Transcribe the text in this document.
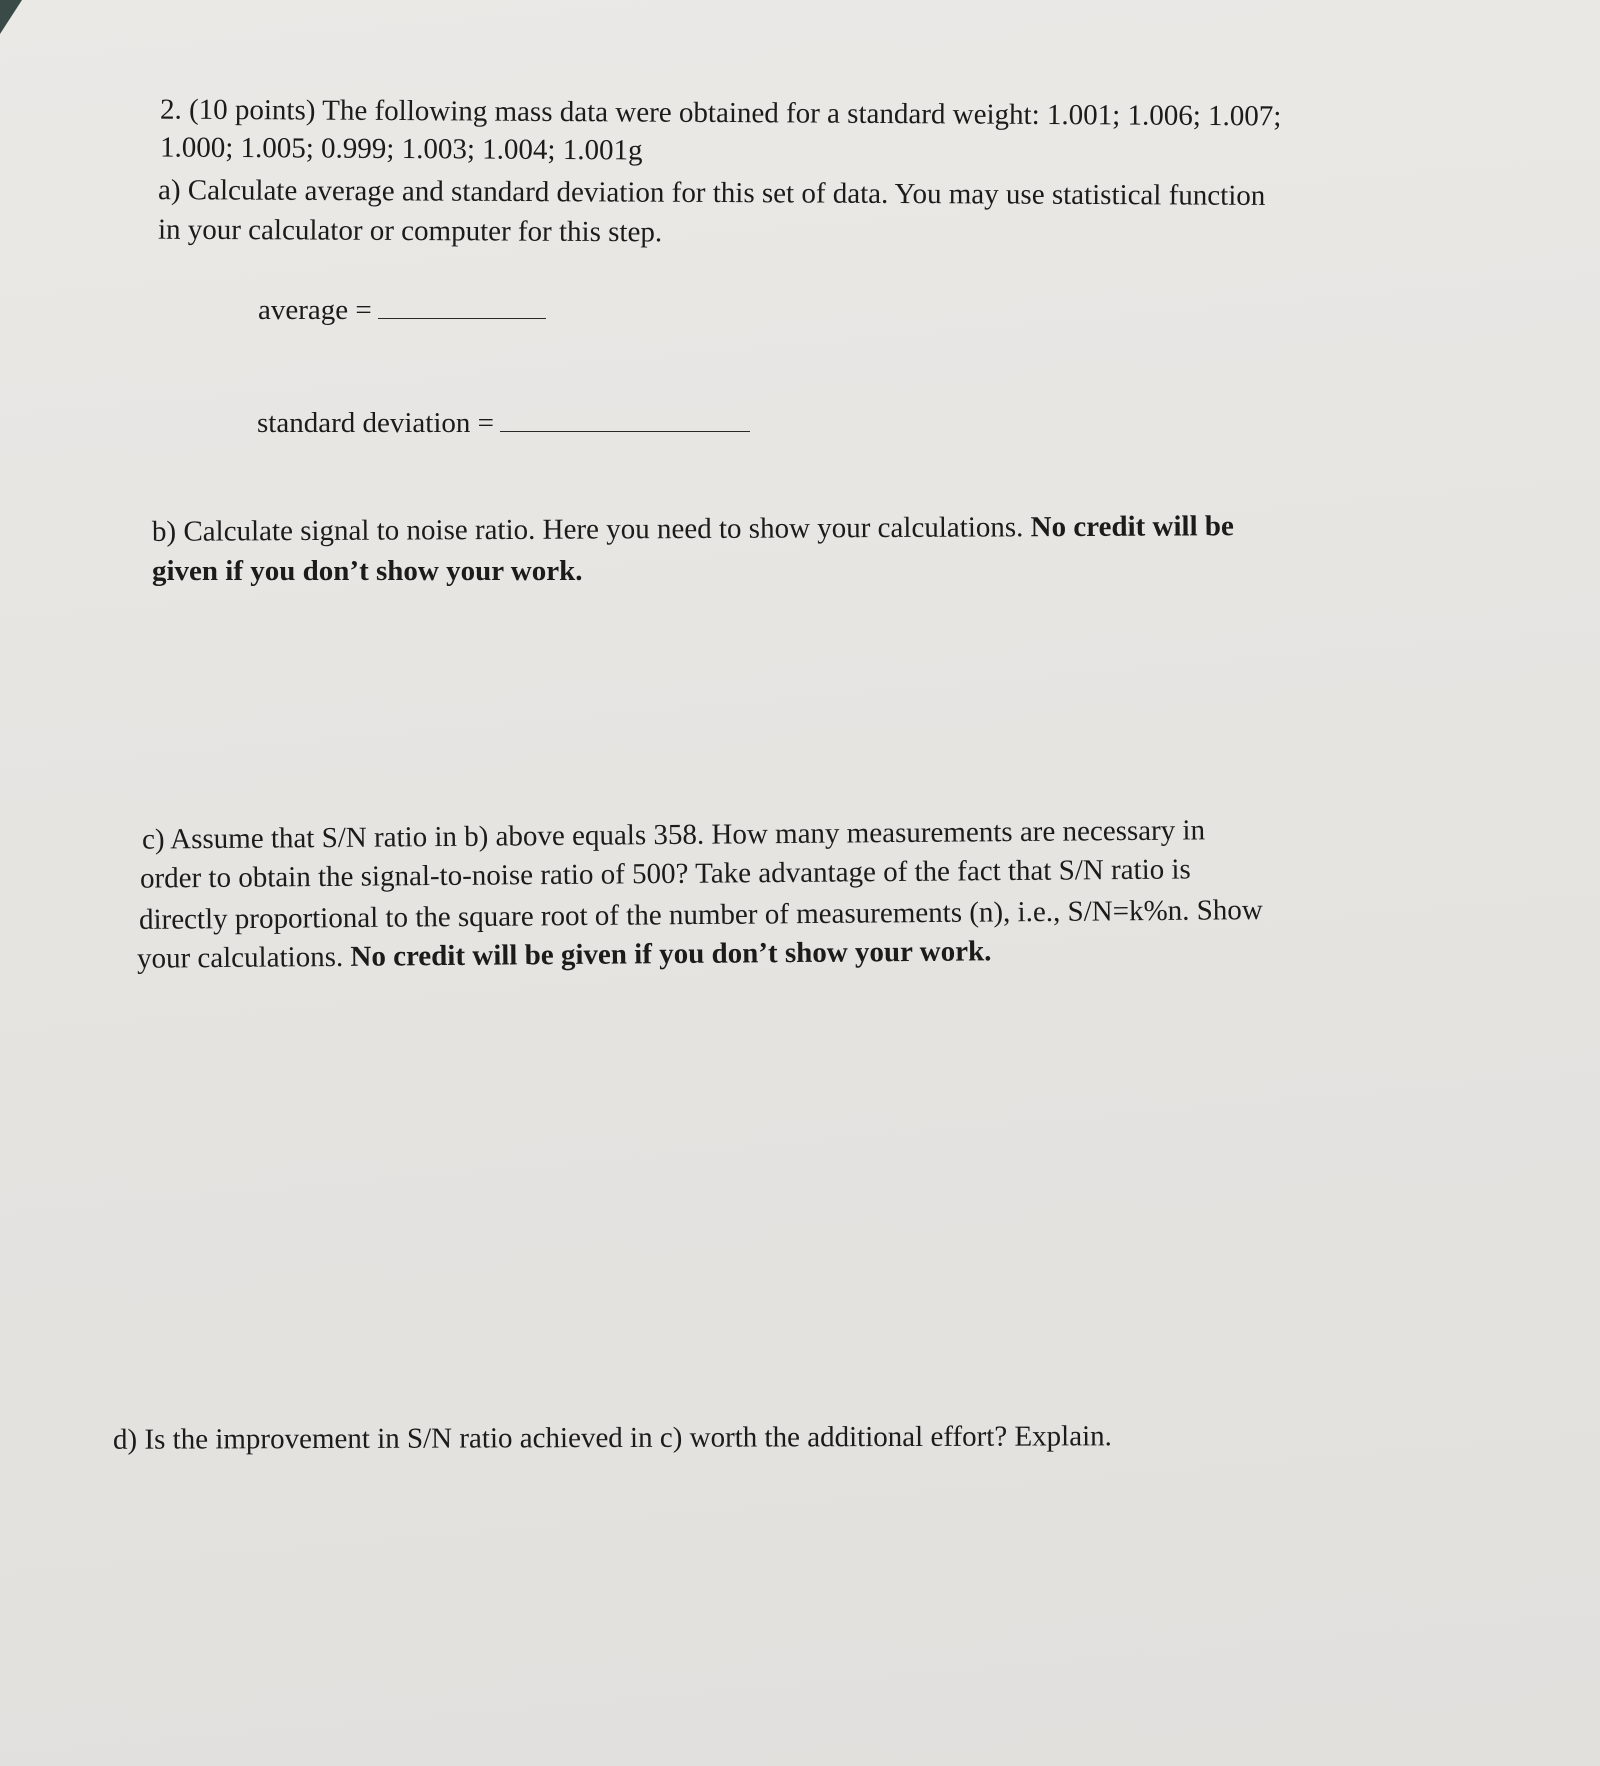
2. (10 points) The following mass data were obtained for a standard weight: 1.001; 1.006; 1.007;
1.000; 1.005; 0.999; 1.003; 1.004; 1.001g
a) Calculate average and standard deviation for this set of data. You may use statistical function
in your calculator or computer for this step.
average =
standard deviation =
b) Calculate signal to noise ratio. Here you need to show your calculations. No credit will be
given if you don’t show your work.
c) Assume that S/N ratio in b) above equals 358. How many measurements are necessary in
order to obtain the signal-to-noise ratio of 500? Take advantage of the fact that S/N ratio is
directly proportional to the square root of the number of measurements (n), i.e., S/N=k%n. Show
your calculations. No credit will be given if you don’t show your work.
d) Is the improvement in S/N ratio achieved in c) worth the additional effort? Explain.
